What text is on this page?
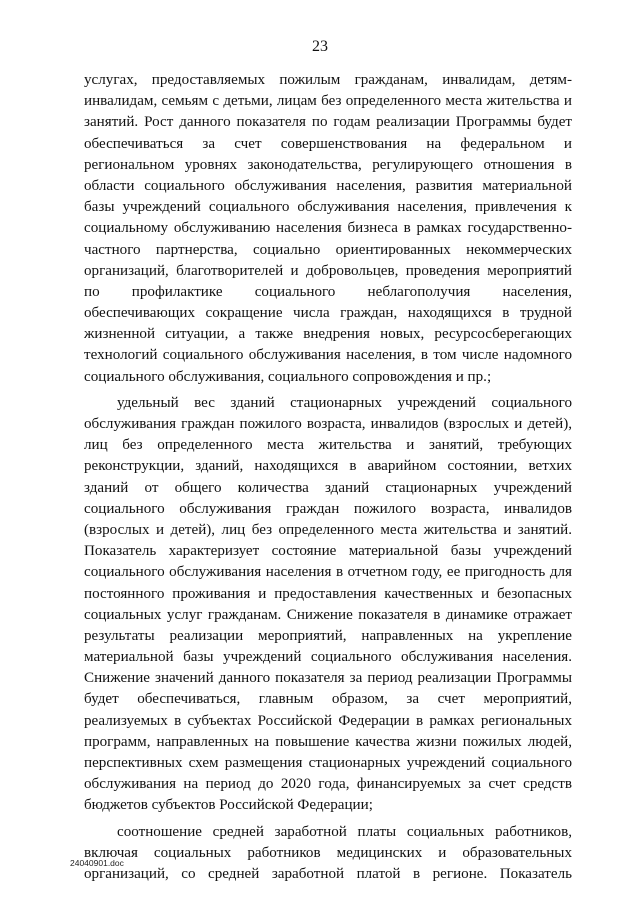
23

услугах, предоставляемых пожилым гражданам, инвалидам, детям-

инвалидам, семьям с детьми, лицам без определенного места жительства и

занятий. Рост данного показателя по годам реализации Программы будет

обеспечиваться за счет совершенствования на федеральном и

региональном уровнях законодательства, регулирующего отношения в

области социального обслуживания населения, развития материальной

базы учреждений социального обслуживания населения, привлечения к

социальному обслуживанию населения бизнеса в рамках государственно-

частного партнерства, социально ориентированных некоммерческих

организаций, благотворителей и добровольцев, проведения мероприятий

по профилактике социального неблагополучия населения,

обеспечивающих сокращение числа граждан, находящихся в трудной

жизненной ситуации, а также внедрения новых, ресурсосберегающих

технологий социального обслуживания населения, в том числе надомного

социального обслуживания, социального сопровождения и пр.;

удельный вес зданий стационарных учреждений социального

обслуживания граждан пожилого возраста, инвалидов (взрослых и детей),

лиц без определенного места жительства и занятий, требующих

реконструкции, зданий, находящихся в аварийном состоянии, ветхих

зданий от общего количества зданий стационарных учреждений

социального обслуживания граждан пожилого возраста, инвалидов

(взрослых и детей), лиц без определенного места жительства и занятий.

Показатель характеризует состояние материальной базы учреждений

социального обслуживания населения в отчетном году, ее пригодность для

постоянного проживания и предоставления качественных и безопасных

социальных услуг гражданам. Снижение показателя в динамике отражает

результаты реализации мероприятий, направленных на укрепление

материальной базы учреждений социального обслуживания населения.

Снижение значений данного показателя за период реализации Программы

будет обеспечиваться, главным образом, за счет мероприятий,

реализуемых в субъектах Российской Федерации в рамках региональных

программ, направленных на повышение качества жизни пожилых людей,

перспективных схем размещения стационарных учреждений социального

обслуживания на период до 2020 года, финансируемых за счет средств

бюджетов субъектов Российской Федерации;

соотношение средней заработной платы социальных работников,

включая социальных работников медицинских и образовательных

организаций, со средней заработной платой в регионе. Показатель

24040901.doc
